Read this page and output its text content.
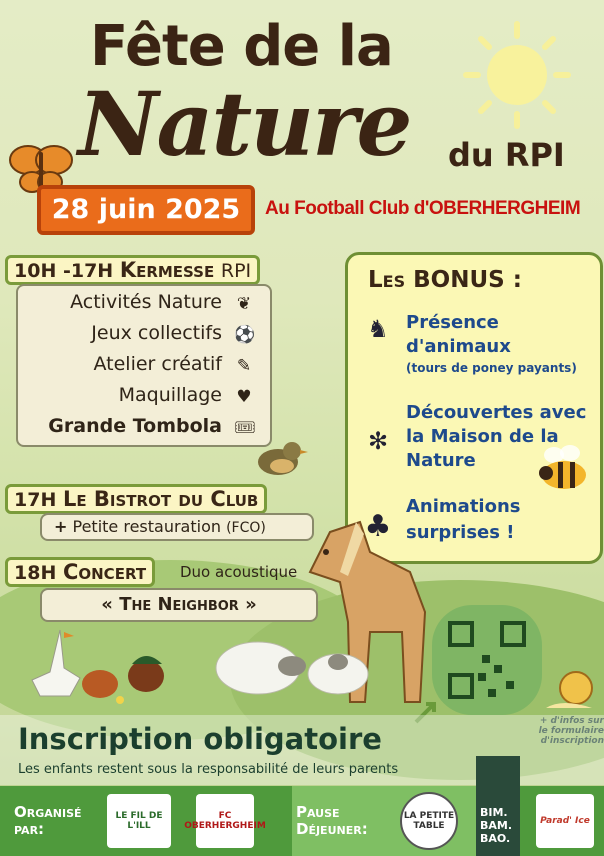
Fête de la
Nature du RPI
28 juin 2025	Au Football Club d'OBERHERGHEIM
10H -17H Kermesse RPI
Activités Nature ❦
Jeux collectifs ⚽
Atelier créatif ✎
Maquillage ♥
Grande Tombola 🎟
17H Le Bistrot du Club
+ Petite restauration (FCO)
18H Concert	Duo acoustique
« The Neighbor »
Les BONUS :
♞ Présence
d'animaux
(tours de poney payants)
✻
Découvertes avec
la Maison de la
Nature
♣
Animations
surprises !
+ d'infos sur le formulaire d'inscription
Inscription obligatoire
Les enfants restent sous la responsabilité de leurs parents
Organisé par:
LE FIL DE L'ILL
FC OBERHERGHEIM
Pause Déjeuner:
LA PETITE TABLE
BIM. BAM. BAO.
Parad' Ice
